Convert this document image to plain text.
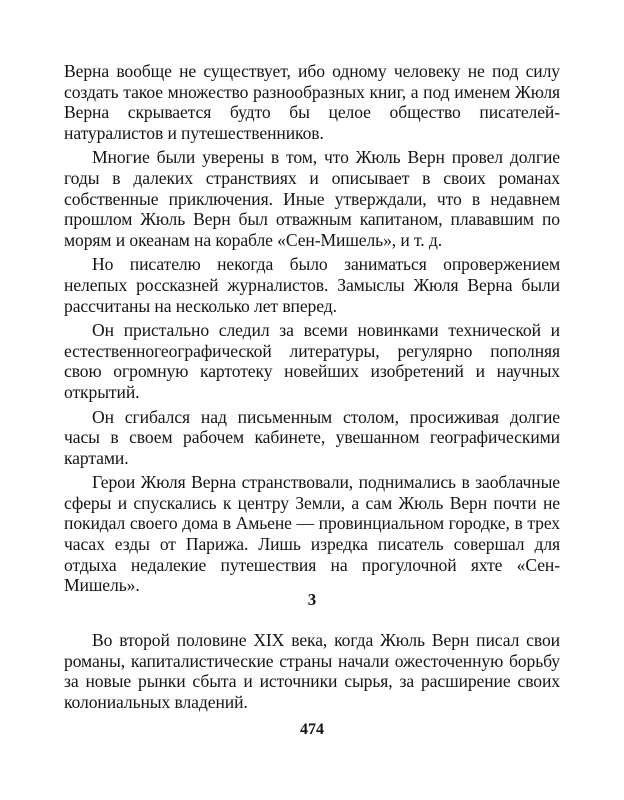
Верна вообще не существует, ибо одному человеку не под силу создать такое множество разнообразных книг, а под именем Жюля Верна скрывается будто бы целое общество писателей-натуралистов и путешественников.

Многие были уверены в том, что Жюль Верн провел долгие годы в далеких странствиях и описывает в своих романах собственные приключения. Иные утверждали, что в недавнем прошлом Жюль Верн был отважным капитаном, плававшим по морям и океанам на корабле «Сен-Мишель», и т. д.

Но писателю некогда было заниматься опровержением нелепых россказней журналистов. Замыслы Жюля Верна были рассчитаны на несколько лет вперед.

Он пристально следил за всеми новинками технической и естественногеографической литературы, регулярно пополняя свою огромную картотеку новейших изобретений и научных открытий.

Он сгибался над письменным столом, просиживая долгие часы в своем рабочем кабинете, увешанном географическими картами.

Герои Жюля Верна странствовали, поднимались в заоблачные сферы и спускались к центру Земли, а сам Жюль Верн почти не покидал своего дома в Амьене — провинциальном городке, в трех часах езды от Парижа. Лишь изредка писатель совершал для отдыха недалекие путешествия на прогулочной яхте «Сен-Мишель».

3

Во второй половине XIX века, когда Жюль Верн писал свои романы, капиталистические страны начали ожесточенную борьбу за новые рынки сбыта и источники сырья, за расширение своих колониальных владений.

474
